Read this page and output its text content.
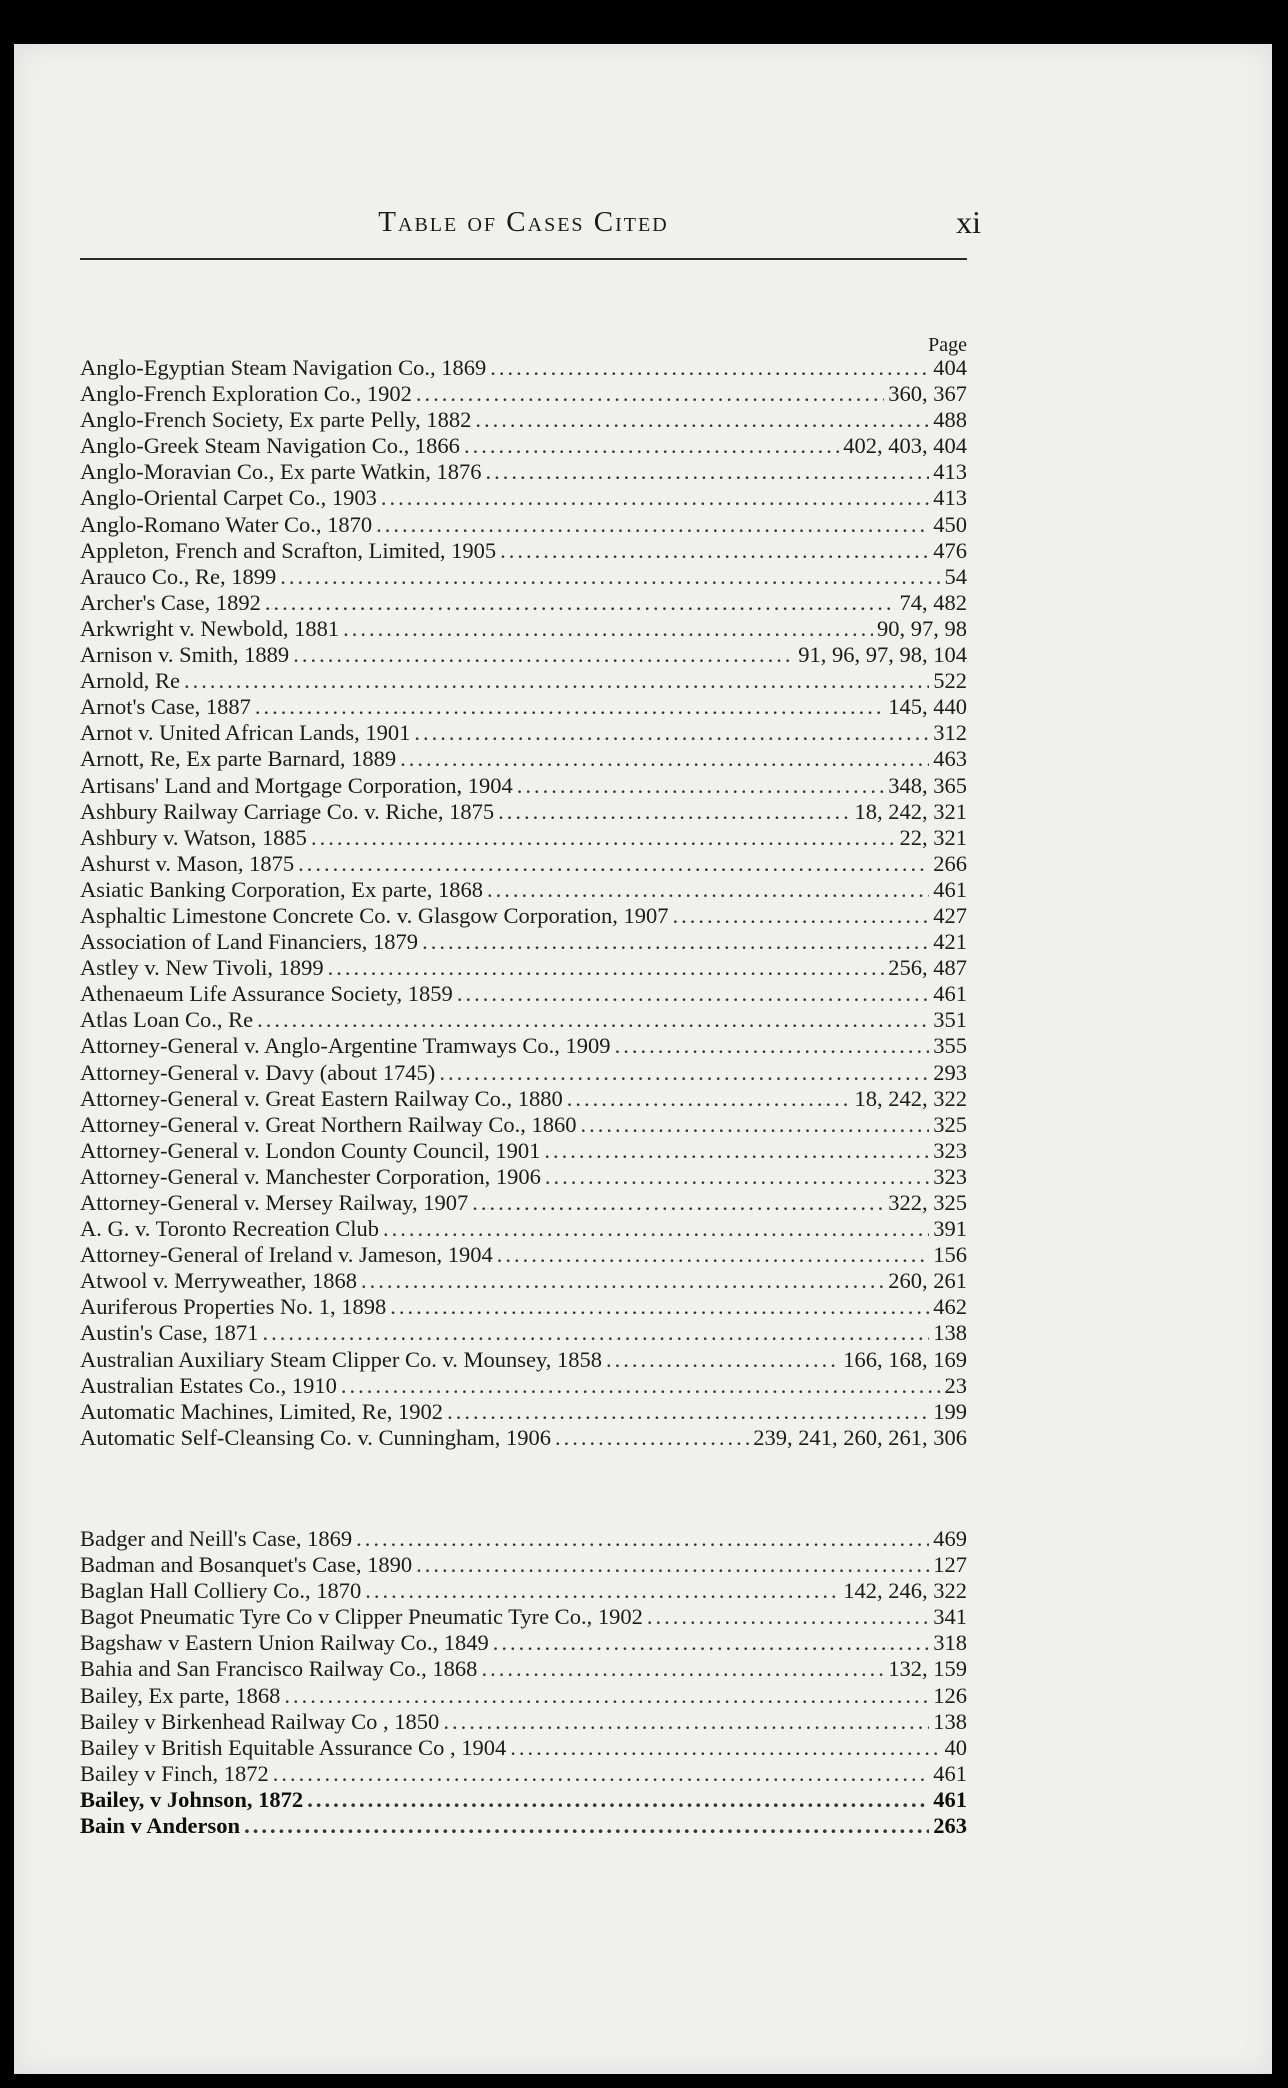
Table of Cases Cited	xi
Page
Anglo-Egyptian Steam Navigation Co., 1869 .....	404
Anglo-French Exploration Co., 1902 .....	360, 367
Anglo-French Society, Ex parte Pelly, 1882 .....	488
Anglo-Greek Steam Navigation Co., 1866 .....	402, 403, 404
Anglo-Moravian Co., Ex parte Watkin, 1876 .....	413
Anglo-Oriental Carpet Co., 1903 .....	413
Anglo-Romano Water Co., 1870 .....	450
Appleton, French and Scrafton, Limited, 1905 .....	476
Arauco Co., Re, 1899 .....	54
Archer's Case, 1892 .....	74, 482
Arkwright v. Newbold, 1881 .....	90, 97, 98
Arnison v. Smith, 1889 .....	91, 96, 97, 98, 104
Arnold, Re .....	522
Arnot's Case, 1887 .....	145, 440
Arnot v. United African Lands, 1901 .....	312
Arnott, Re, Ex parte Barnard, 1889 .....	463
Artisans' Land and Mortgage Corporation, 1904 .....	348, 365
Ashbury Railway Carriage Co. v. Riche, 1875 .....	18, 242, 321
Ashbury v. Watson, 1885 .....	22, 321
Ashurst v. Mason, 1875 .....	266
Asiatic Banking Corporation, Ex parte, 1868 .....	461
Asphaltic Limestone Concrete Co. v. Glasgow Corporation, 1907 .....	427
Association of Land Financiers, 1879 .....	421
Astley v. New Tivoli, 1899 .....	256, 487
Athenaeum Life Assurance Society, 1859 .....	461
Atlas Loan Co., Re .....	351
Attorney-General v. Anglo-Argentine Tramways Co., 1909 .....	355
Attorney-General v. Davy (about 1745) .....	293
Attorney-General v. Great Eastern Railway Co., 1880 .....	18, 242, 322
Attorney-General v. Great Northern Railway Co., 1860 .....	325
Attorney-General v. London County Council, 1901 .....	323
Attorney-General v. Manchester Corporation, 1906 .....	323
Attorney-General v. Mersey Railway, 1907 .....	322, 325
A. G. v. Toronto Recreation Club .....	391
Attorney-General of Ireland v. Jameson, 1904 .....	156
Atwool v. Merryweather, 1868 .....	260, 261
Auriferous Properties No. 1, 1898 .....	462
Austin's Case, 1871 .....	138
Australian Auxiliary Steam Clipper Co. v. Mounsey, 1858 .....	166, 168, 169
Australian Estates Co., 1910 .....	23
Automatic Machines, Limited, Re, 1902 .....	199
Automatic Self-Cleansing Co. v. Cunningham, 1906 .....	239, 241, 260, 261, 306
Badger and Neill's Case, 1869 .....	469
Badman and Bosanquet's Case, 1890 .....	127
Baglan Hall Colliery Co., 1870 .....	142, 246, 322
Bagot Pneumatic Tyre Co v Clipper Pneumatic Tyre Co., 1902 .....	341
Bagshaw v Eastern Union Railway Co., 1849 .....	318
Bahia and San Francisco Railway Co., 1868 .....	132, 159
Bailey, Ex parte, 1868 .....	126
Bailey v Birkenhead Railway Co , 1850 .....	138
Bailey v British Equitable Assurance Co , 1904 .....	40
Bailey v Finch, 1872 .....	461
Bailey, v Johnson, 1872 .....	461
Bain v Anderson .....	263
